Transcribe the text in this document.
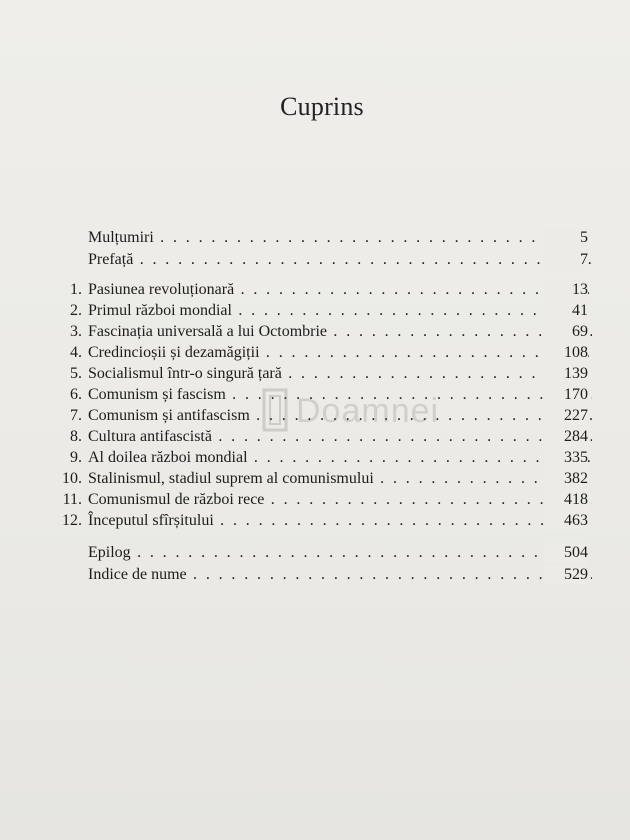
Cuprins
Mulțumiri . . .	5
Prefață . . .	7
1. Pasiunea revoluționară . . .	13
2. Primul război mondial . . .	41
3. Fascinația universală a lui Octombrie . . .	69
4. Credincioșii și dezamăgiții . . .	108
5. Socialismul într-o singură țară . . .	139
6. Comunism și fascism . . .	170
7. Comunism și antifascism . . .	227
8. Cultura antifascistă . . .	284
9. Al doilea război mondial . . .	335
10. Stalinismul, stadiul suprem al comunismului . . .	382
11. Comunismul de război rece . . .	418
12. Începutul sfîrșitului . . .	463
Epilog . . .	504
Indice de nume . . .	529
Doamnei
